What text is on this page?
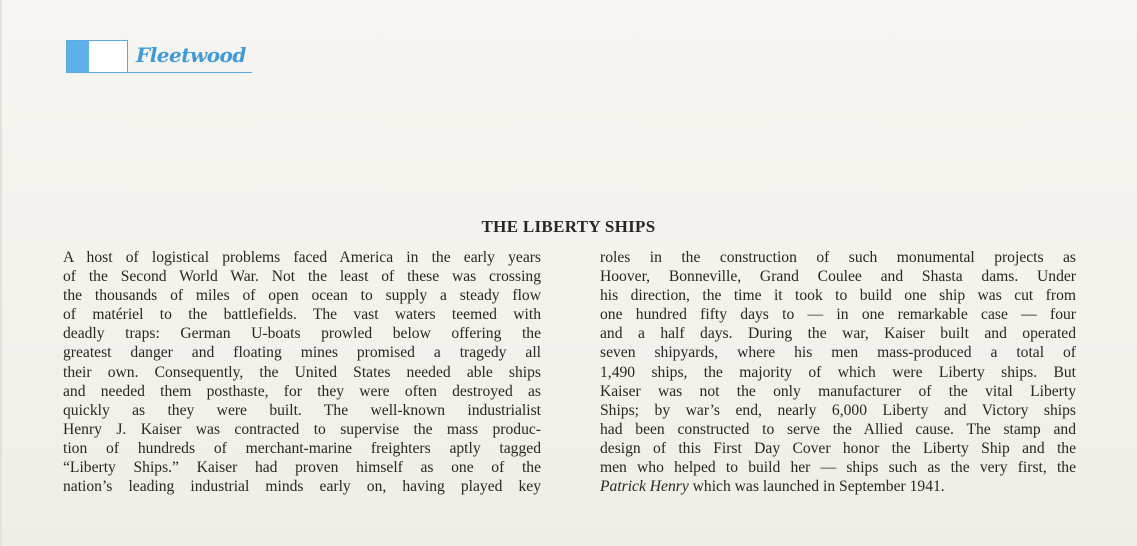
Fleetwood
THE LIBERTY SHIPS
A host of logistical problems faced America in the early years
of the Second World War. Not the least of these was crossing
the thousands of miles of open ocean to supply a steady flow
of matériel to the battlefields. The vast waters teemed with
deadly traps: German U-boats prowled below offering the
greatest danger and floating mines promised a tragedy all
their own. Consequently, the United States needed able ships
and needed them posthaste, for they were often destroyed as
quickly as they were built. The well-known industrialist
Henry J. Kaiser was contracted to supervise the mass produc-
tion of hundreds of merchant-marine freighters aptly tagged
“Liberty Ships.” Kaiser had proven himself as one of the
nation’s leading industrial minds early on, having played key
roles in the construction of such monumental projects as
Hoover, Bonneville, Grand Coulee and Shasta dams. Under
his direction, the time it took to build one ship was cut from
one hundred fifty days to — in one remarkable case — four
and a half days. During the war, Kaiser built and operated
seven shipyards, where his men mass-produced a total of
1,490 ships, the majority of which were Liberty ships. But
Kaiser was not the only manufacturer of the vital Liberty
Ships; by war’s end, nearly 6,000 Liberty and Victory ships
had been constructed to serve the Allied cause. The stamp and
design of this First Day Cover honor the Liberty Ship and the
men who helped to build her — ships such as the very first, the
Patrick Henry which was launched in September 1941.
